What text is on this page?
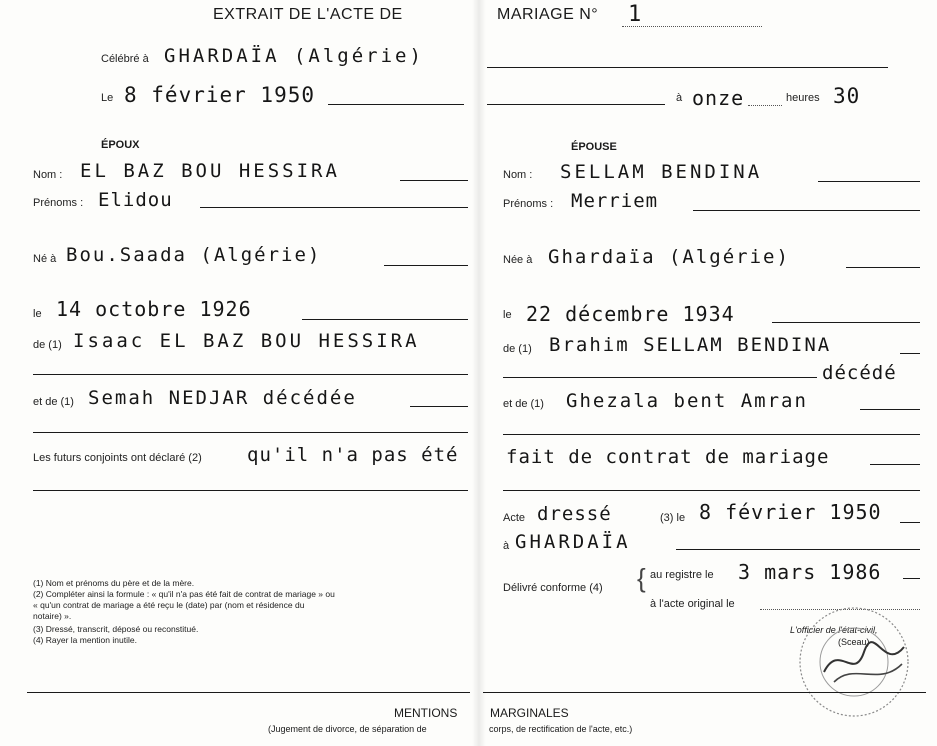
EXTRAIT DE L'ACTE DE	MARIAGE N° 1
Célébré à GHARDAÏA (Algérie)
Le 8 février 1950	à onze	heures 30
ÉPOUX	ÉPOUSE
Nom : EL BAZ BOU HESSIRA	Nom : SELLAM BENDINA
Prénoms : Elidou	Prénoms : Merriem
Né à Bou.Saada (Algérie)	Née à Ghardaïa (Algérie)
le 14 octobre 1926	le 22 décembre 1934
de (1) Isaac EL BAZ BOU HESSIRA	de (1) Brahim SELLAM BENDINA
décédé
et de (1) Semah NEDJAR décédée	et de (1) Ghezala bent Amran
Les futurs conjoints ont déclaré (2) qu'il n'a pas été	fait de contrat de mariage
Acte dressé	(3) le 8 février 1950
à GHARDAÏA
Délivré conforme (4) { au registre le 3 mars 1986
à l'acte original le
(1) Nom et prénoms du père et de la mère.
(2) Compléter ainsi la formule : « qu'il n'a pas été fait de contrat de mariage » ou
« qu'un contrat de mariage a été reçu le (date) par (nom et résidence du
notaire) ».
(3) Dressé, transcrit, déposé ou reconstitué.
(4) Rayer la mention inutile.
L'officier de l'état-civil,
(Sceau)
MENTIONS	MARGINALES
(Jugement de divorce, de séparation de	corps, de rectification de l'acte, etc.)
